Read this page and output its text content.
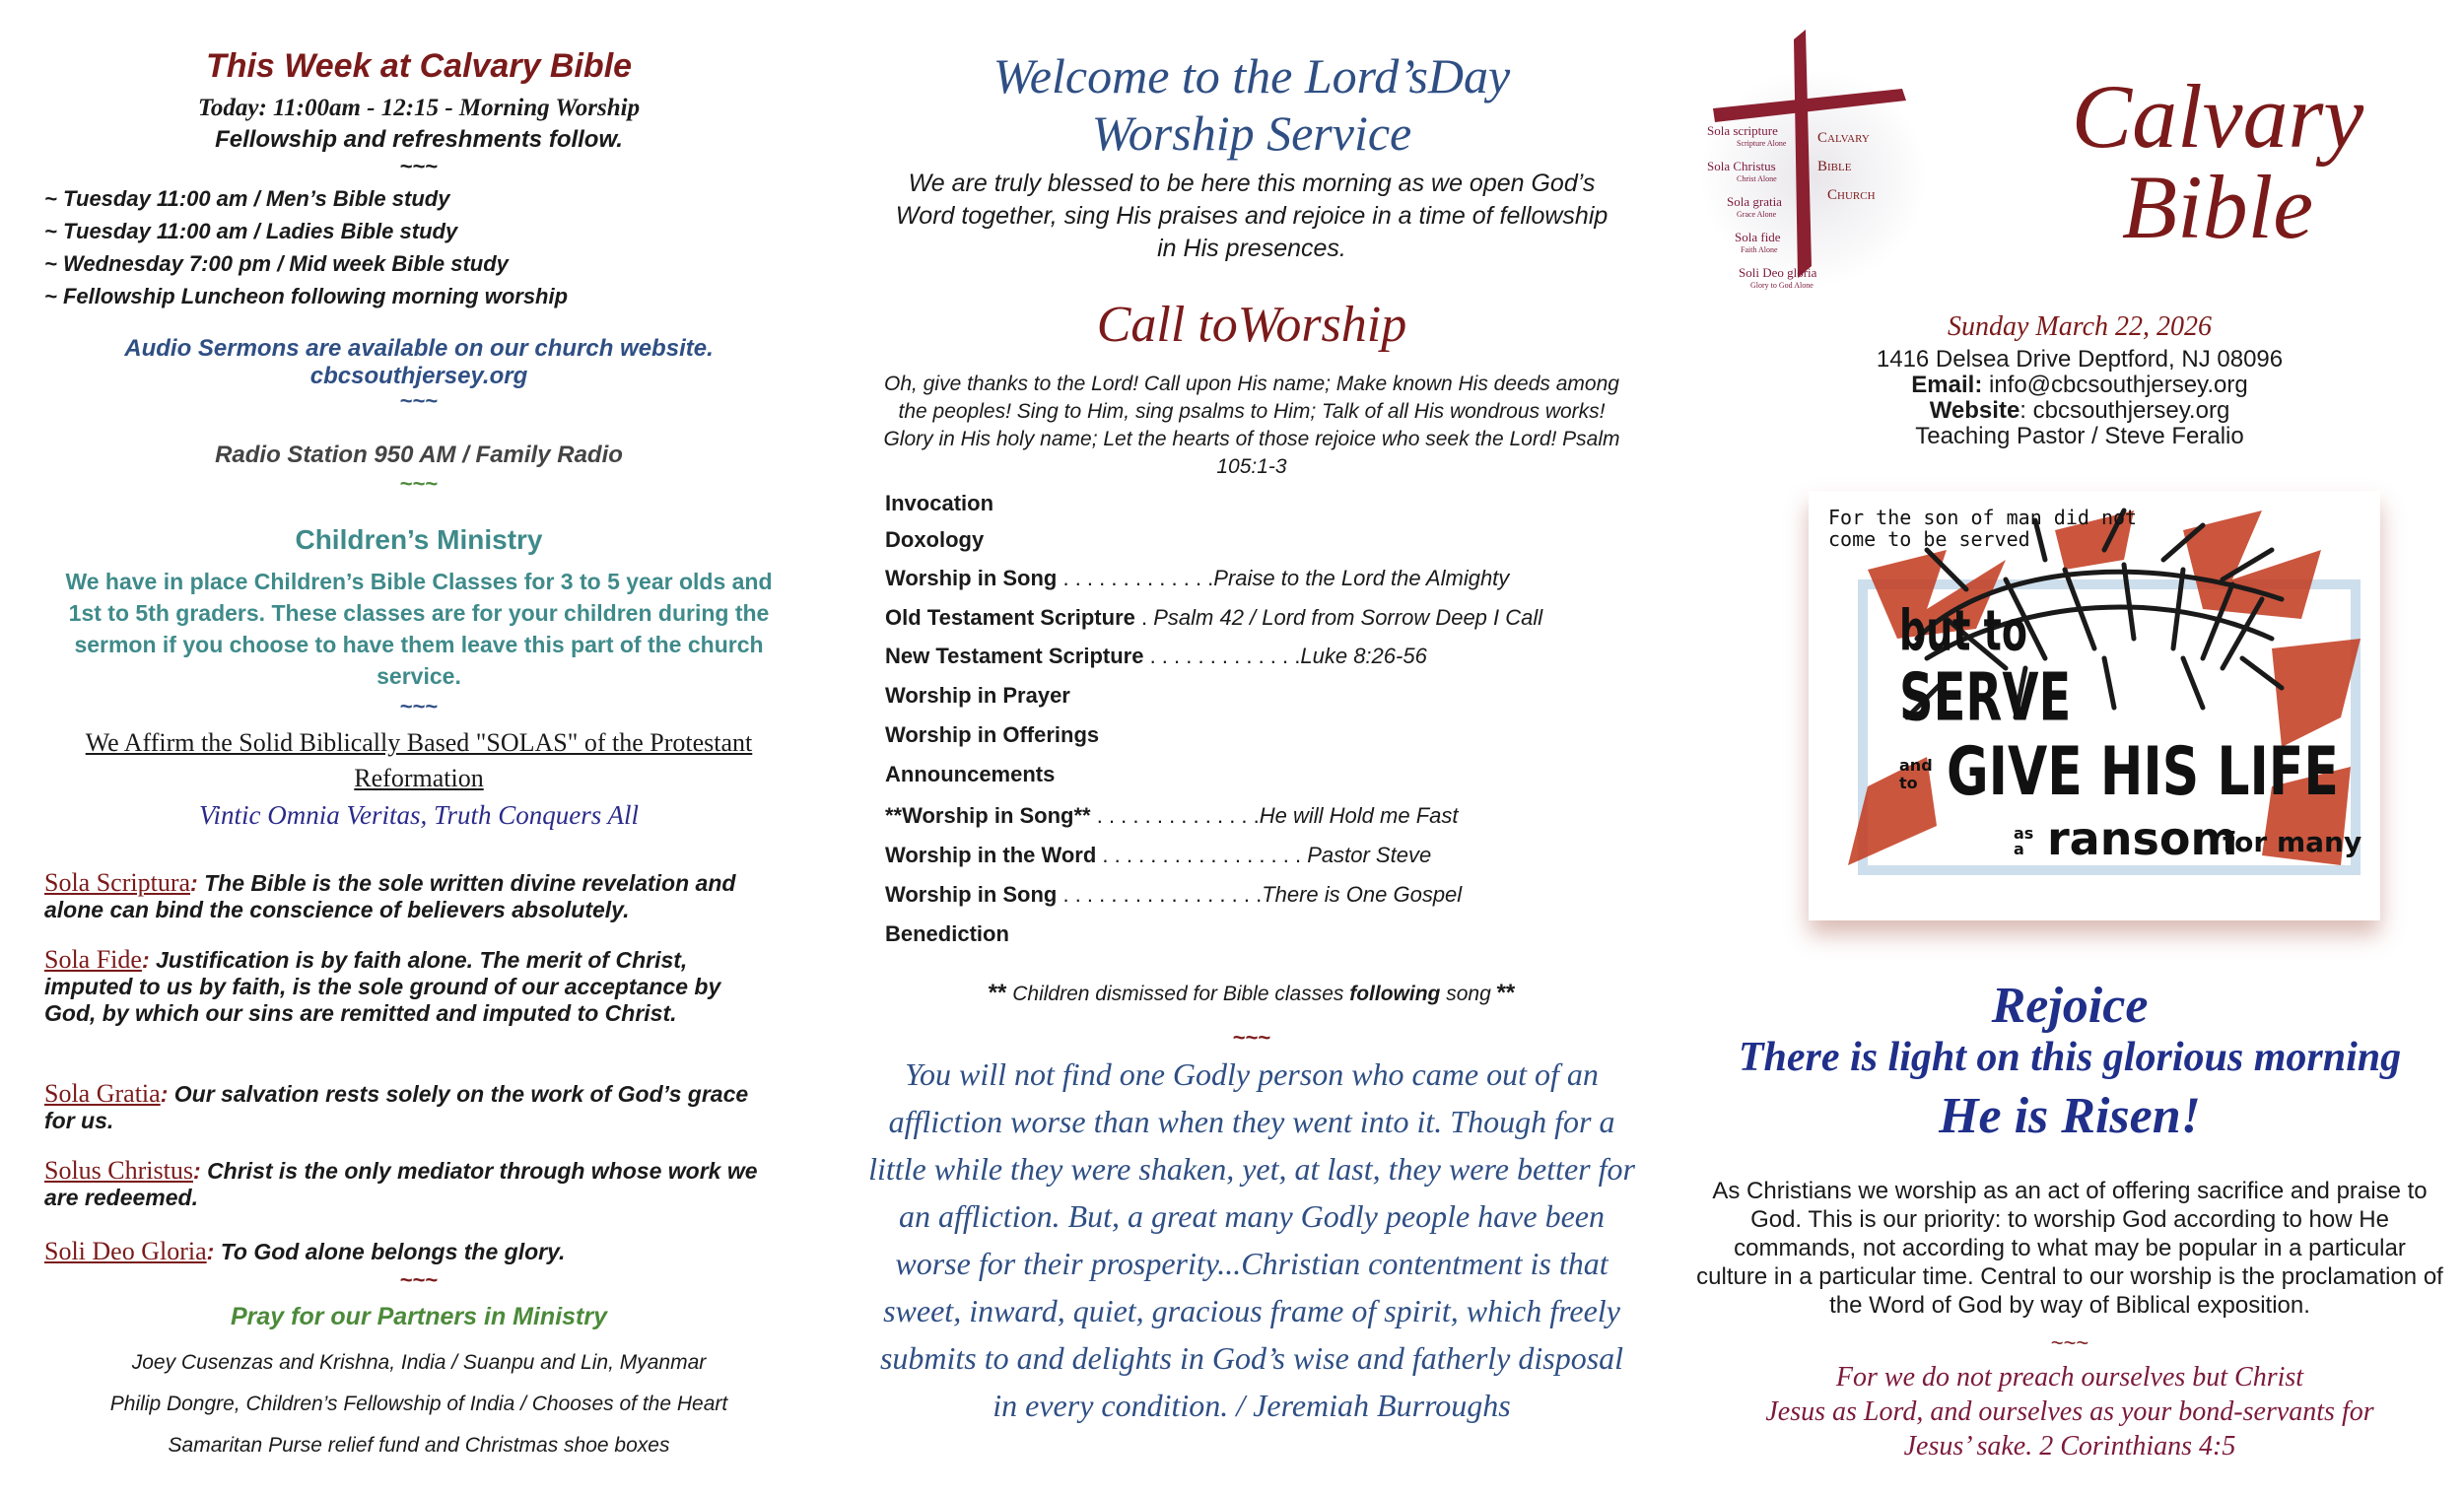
This Week at Calvary Bible
Today: 11:00am - 12:15 - Morning Worship
Fellowship and refreshments follow.
~~~
~ Tuesday 11:00 am / Men’s Bible study
~ Tuesday 11:00 am / Ladies Bible study
~ Wednesday 7:00 pm / Mid week Bible study
~ Fellowship Luncheon following morning worship
Audio Sermons are available on our church website.
cbcsouthjersey.org
~~~
Radio Station 950 AM / Family Radio
~~~
Children’s Ministry
We have in place Children’s Bible Classes for 3 to 5 year olds and 1st to 5th graders. These classes are for your children during the sermon if you choose to have them leave this part of the church service.
~~~
We Affirm the Solid Biblically Based "SOLAS" of the Protestant Reformation
Vintic Omnia Veritas, Truth Conquers All
Sola Scriptura: The Bible is the sole written divine revelation and alone can bind the conscience of believers absolutely.
Sola Fide: Justification is by faith alone. The merit of Christ, imputed to us by faith, is the sole ground of our acceptance by God, by which our sins are remitted and imputed to Christ.
Sola Gratia: Our salvation rests solely on the work of God’s grace for us.
Solus Christus: Christ is the only mediator through whose work we are redeemed.
Soli Deo Gloria: To God alone belongs the glory.
~~~
Pray for our Partners in Ministry
Joey Cusenzas and Krishna, India / Suanpu and Lin, Myanmar
Philip Dongre, Children’s Fellowship of India / Chooses of the Heart
Samaritan Purse relief fund and Christmas shoe boxes
Welcome to the Lord’sDay
Worship Service
We are truly blessed to be here this morning as we open God’s Word together, sing His praises and rejoice in a time of fellowship in His presences.
Call toWorship
Oh, give thanks to the Lord! Call upon His name; Make known His deeds among the peoples! Sing to Him, sing psalms to Him; Talk of all His wondrous works! Glory in His holy name; Let the hearts of those rejoice who seek the Lord! Psalm 105:1-3
Invocation
Doxology
Worship in Song . . . . . . . . . . . . .Praise to the Lord the Almighty
Old Testament Scripture . Psalm 42 / Lord from Sorrow Deep I Call
New Testament Scripture . . . . . . . . . . . . .Luke 8:26-56
Worship in Prayer
Worship in Offerings
Announcements
**Worship in Song** . . . . . . . . . . . . . .He will Hold me Fast
Worship in the Word . . . . . . . . . . . . . . . . . Pastor Steve
Worship in Song . . . . . . . . . . . . . . . . .There is One Gospel
Benediction
** Children dismissed for Bible classes following song **
~~~
You will not find one Godly person who came out of an affliction worse than when they went into it. Though for a little while they were shaken, yet, at last, they were better for an affliction. But, a great many Godly people have been worse for their prosperity...Christian contentment is that sweet, inward, quiet, gracious frame of spirit, which freely submits to and delights in God’s wise and fatherly disposal in every condition. / Jeremiah Burroughs
Sola scripture
Scripture Alone
Sola Christus
Christ Alone
Sola gratia
Grace Alone
Sola fide
Faith Alone
Soli Deo gloria
Glory to God Alone
Calvary
Bible
Church
Calvary
Bible
Sunday March 22, 2026
1416 Delsea Drive Deptford, NJ 08096
Email: info@cbcsouthjersey.org
Website: cbcsouthjersey.org
Teaching Pastor / Steve Feralio
For the son of man did not
come to be served
but to
SERVE
and to GIVE HIS LIFE
as a ransom
for many
Rejoice
There is light on this glorious morning
He is Risen!
As Christians we worship as an act of offering sacrifice and praise to God. This is our priority: to worship God according to how He commands, not according to what may be popular in a particular culture in a particular time. Central to our worship is the proclamation of the Word of God by way of Biblical exposition.
~~~
For we do not preach ourselves but Christ
Jesus as Lord, and ourselves as your bond-servants for
Jesus’ sake. 2 Corinthians 4:5
